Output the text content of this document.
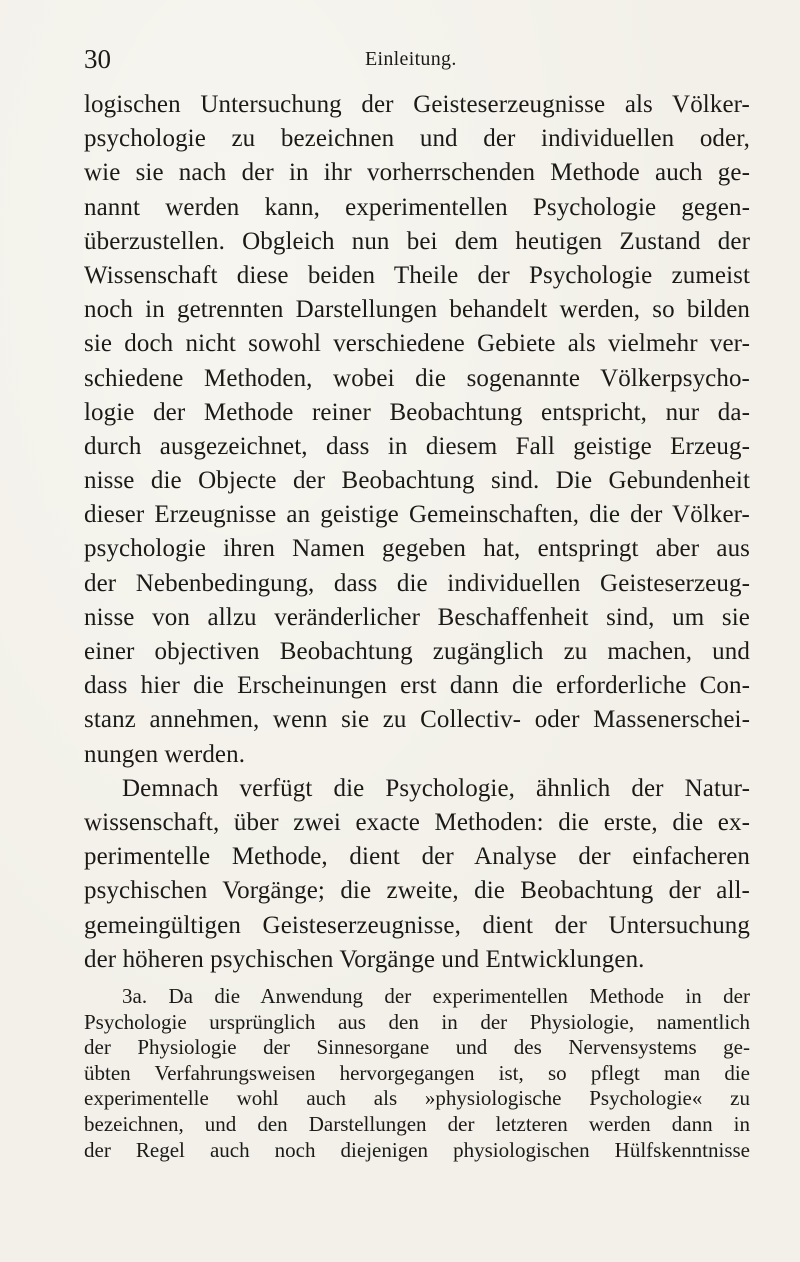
30	Einleitung.
logischen Untersuchung der Geisteserzeugnisse als Völker-
psychologie zu bezeichnen und der individuellen oder,
wie sie nach der in ihr vorherrschenden Methode auch ge-
nannt werden kann, experimentellen Psychologie gegen-
überzustellen. Obgleich nun bei dem heutigen Zustand der
Wissenschaft diese beiden Theile der Psychologie zumeist
noch in getrennten Darstellungen behandelt werden, so bilden
sie doch nicht sowohl verschiedene Gebiete als vielmehr ver-
schiedene Methoden, wobei die sogenannte Völkerpsycho-
logie der Methode reiner Beobachtung entspricht, nur da-
durch ausgezeichnet, dass in diesem Fall geistige Erzeug-
nisse die Objecte der Beobachtung sind. Die Gebundenheit
dieser Erzeugnisse an geistige Gemeinschaften, die der Völker-
psychologie ihren Namen gegeben hat, entspringt aber aus
der Nebenbedingung, dass die individuellen Geisteserzeug-
nisse von allzu veränderlicher Beschaffenheit sind, um sie
einer objectiven Beobachtung zugänglich zu machen, und
dass hier die Erscheinungen erst dann die erforderliche Con-
stanz annehmen, wenn sie zu Collectiv- oder Massenerschei-
nungen werden.
Demnach verfügt die Psychologie, ähnlich der Natur-
wissenschaft, über zwei exacte Methoden: die erste, die ex-
perimentelle Methode, dient der Analyse der einfacheren
psychischen Vorgänge; die zweite, die Beobachtung der all-
gemeingültigen Geisteserzeugnisse, dient der Untersuchung
der höheren psychischen Vorgänge und Entwicklungen.
3a. Da die Anwendung der experimentellen Methode in der
Psychologie ursprünglich aus den in der Physiologie, namentlich
der Physiologie der Sinnesorgane und des Nervensystems ge-
übten Verfahrungsweisen hervorgegangen ist, so pflegt man die
experimentelle wohl auch als »physiologische Psychologie« zu
bezeichnen, und den Darstellungen der letzteren werden dann in
der Regel auch noch diejenigen physiologischen Hülfskenntnisse
